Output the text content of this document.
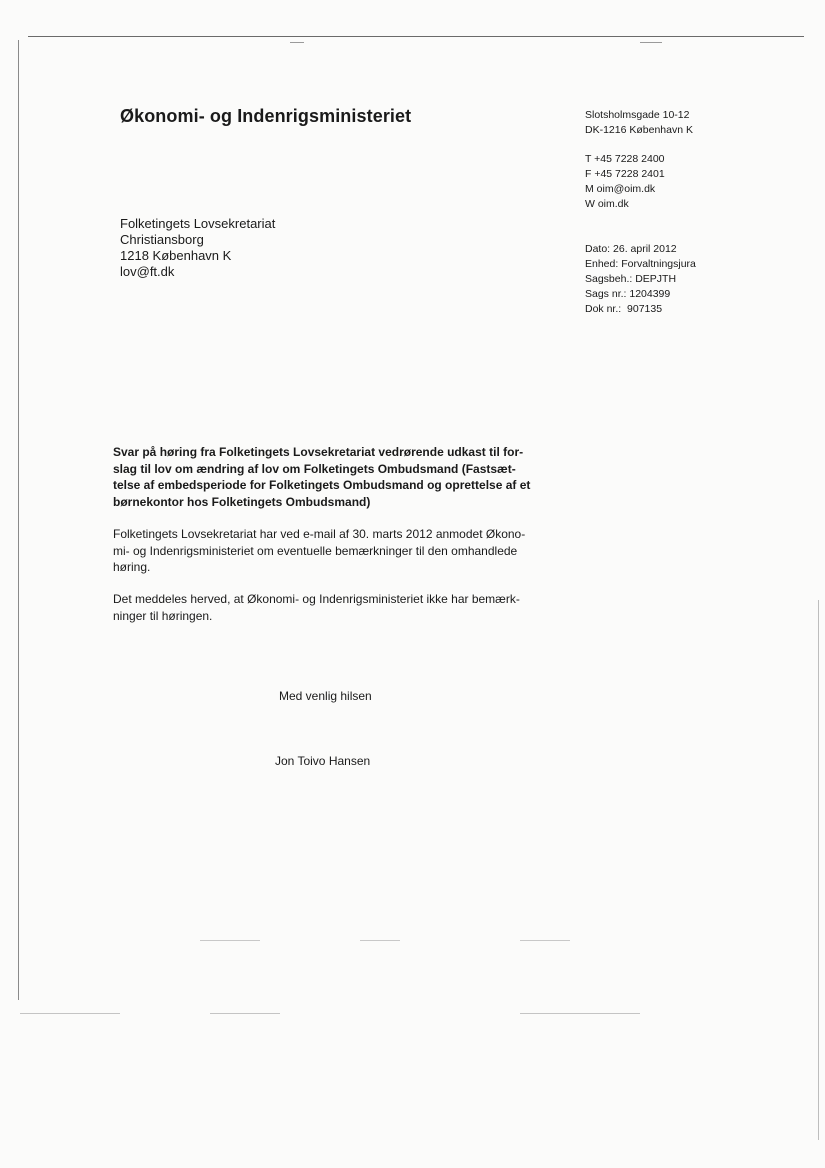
Økonomi- og Indenrigsministeriet	Slotsholmsgade 10-12
DK-1216 København K
T +45 7228 2400
F +45 7228 2401
M oim@oim.dk
W oim.dk
Folketingets Lovsekretariat
Christiansborg
1218 København K
lov@ft.dk
Dato: 26. april 2012
Enhed: Forvaltningsjura
Sagsbeh.: DEPJTH
Sags nr.: 1204399
Dok nr.:  907135
Svar på høring fra Folketingets Lovsekretariat vedrørende udkast til for-
slag til lov om ændring af lov om Folketingets Ombudsmand (Fastsæt-
telse af embedsperiode for Folketingets Ombudsmand og oprettelse af et
børnekontor hos Folketingets Ombudsmand)
Folketingets Lovsekretariat har ved e-mail af 30. marts 2012 anmodet Økono-
mi- og Indenrigsministeriet om eventuelle bemærkninger til den omhandlede
høring.
Det meddeles herved, at Økonomi- og Indenrigsministeriet ikke har bemærk-
ninger til høringen.
Med venlig hilsen
Jon Toivo Hansen
